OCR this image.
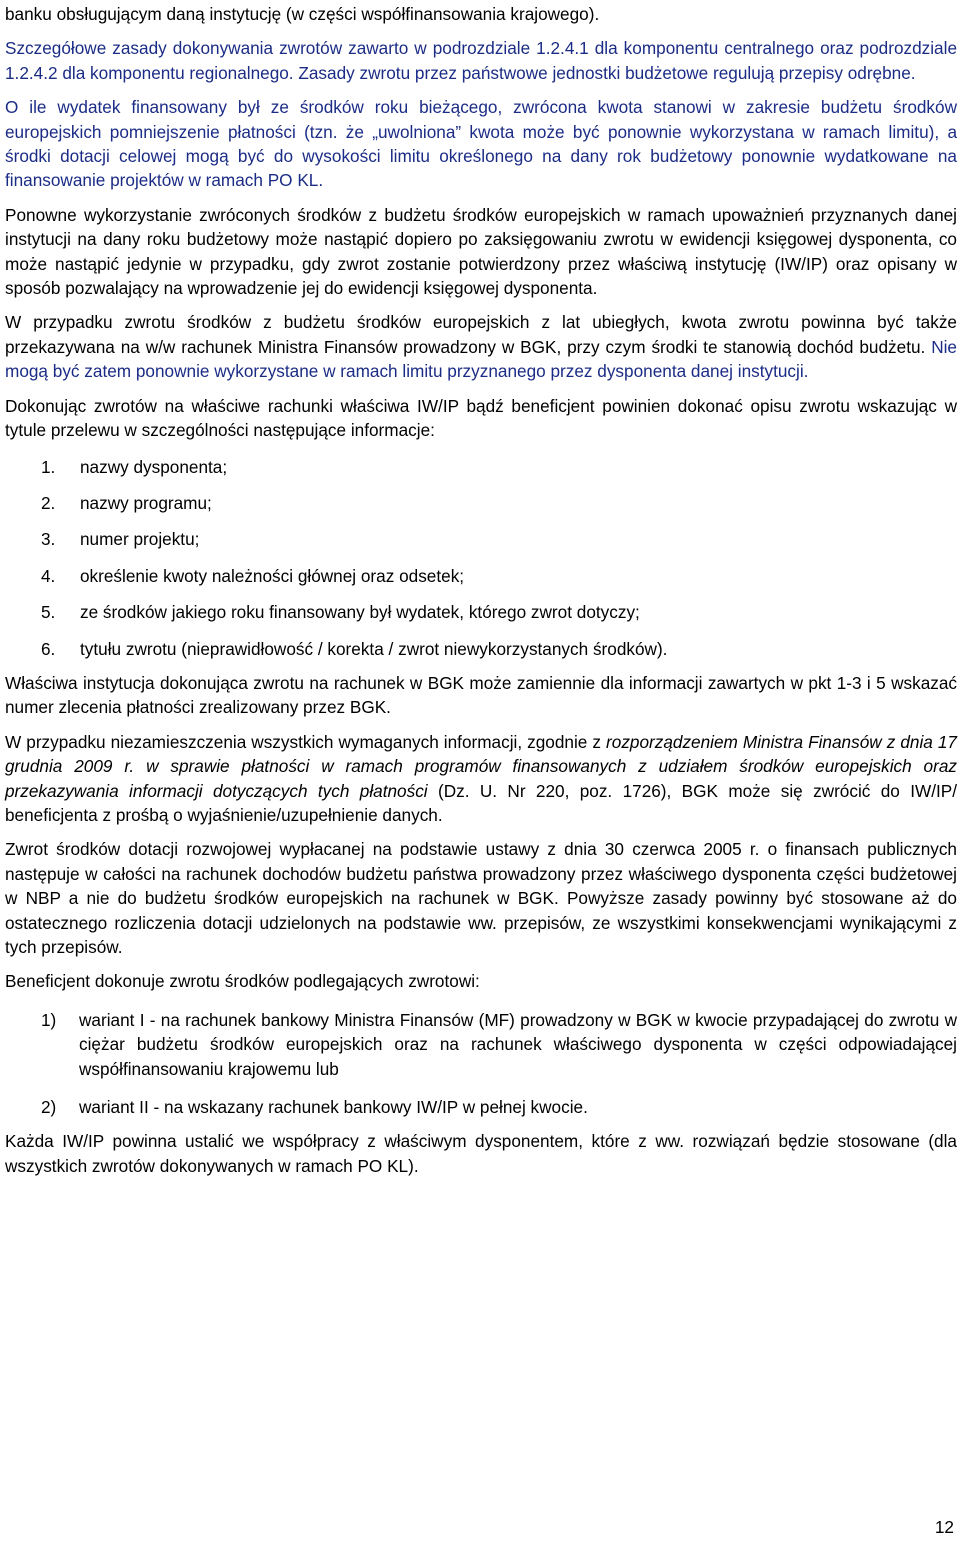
banku obsługującym daną instytucję (w części współfinansowania krajowego).

Szczegółowe zasady dokonywania zwrotów zawarto w podrozdziale 1.2.4.1 dla komponentu centralnego oraz podrozdziale 1.2.4.2 dla komponentu regionalnego. Zasady zwrotu przez państwowe jednostki budżetowe regulują przepisy odrębne.

O ile wydatek finansowany był ze środków roku bieżącego, zwrócona kwota stanowi w zakresie budżetu środków europejskich pomniejszenie płatności (tzn. że „uwolniona” kwota może być ponownie wykorzystana w ramach limitu), a środki dotacji celowej mogą być do wysokości limitu określonego na dany rok budżetowy ponownie wydatkowane na finansowanie projektów w ramach PO KL.

Ponowne wykorzystanie zwróconych środków z budżetu środków europejskich w ramach upoważnień przyznanych danej instytucji na dany roku budżetowy może nastąpić dopiero po zaksięgowaniu zwrotu w ewidencji księgowej dysponenta, co może nastąpić jedynie w przypadku, gdy zwrot zostanie potwierdzony przez właściwą instytucję (IW/IP) oraz opisany w sposób pozwalający na wprowadzenie jej do ewidencji księgowej dysponenta.

W przypadku zwrotu środków z budżetu środków europejskich z lat ubiegłych, kwota zwrotu powinna być także przekazywana na w/w rachunek Ministra Finansów prowadzony w BGK, przy czym środki te stanowią dochód budżetu. Nie mogą być zatem ponownie wykorzystane w ramach limitu przyznanego przez dysponenta danej instytucji.

Dokonując zwrotów na właściwe rachunki właściwa IW/IP bądź beneficjent powinien dokonać opisu zwrotu wskazując w tytule przelewu w szczególności następujące informacje:

1. nazwy dysponenta;
2. nazwy programu;
3. numer projektu;
4. określenie kwoty należności głównej oraz odsetek;
5. ze środków jakiego roku finansowany był wydatek, którego zwrot dotyczy;
6. tytułu zwrotu (nieprawidłowość / korekta / zwrot niewykorzystanych środków).

Właściwa instytucja dokonująca zwrotu na rachunek w BGK może zamiennie dla informacji zawartych w pkt 1-3 i 5 wskazać numer zlecenia płatności zrealizowany przez BGK.

W przypadku niezamieszczenia wszystkich wymaganych informacji, zgodnie z rozporządzeniem Ministra Finansów z dnia 17 grudnia 2009 r. w sprawie płatności w ramach programów finansowanych z udziałem środków europejskich oraz przekazywania informacji dotyczących tych płatności (Dz. U. Nr 220, poz. 1726), BGK może się zwrócić do IW/IP/ beneficjenta z prośbą o wyjaśnienie/uzupełnienie danych.

Zwrot środków dotacji rozwojowej wypłacanej na podstawie ustawy z dnia 30 czerwca 2005 r. o finansach publicznych następuje w całości na rachunek dochodów budżetu państwa prowadzony przez właściwego dysponenta części budżetowej w NBP a nie do budżetu środków europejskich na rachunek w BGK. Powyższe zasady powinny być stosowane aż do ostatecznego rozliczenia dotacji udzielonych na podstawie ww. przepisów, ze wszystkimi konsekwencjami wynikającymi z tych przepisów.

Beneficjent dokonuje zwrotu środków podlegających zwrotowi:

1) wariant I - na rachunek bankowy Ministra Finansów (MF) prowadzony w BGK w kwocie przypadającej do zwrotu w ciężar budżetu środków europejskich oraz na rachunek właściwego dysponenta w części odpowiadającej współfinansowaniu krajowemu lub
2) wariant II - na wskazany rachunek bankowy IW/IP w pełnej kwocie.

Każda IW/IP powinna ustalić we współpracy z właściwym dysponentem, które z ww. rozwiązań będzie stosowane (dla wszystkich zwrotów dokonywanych w ramach PO KL).

12
